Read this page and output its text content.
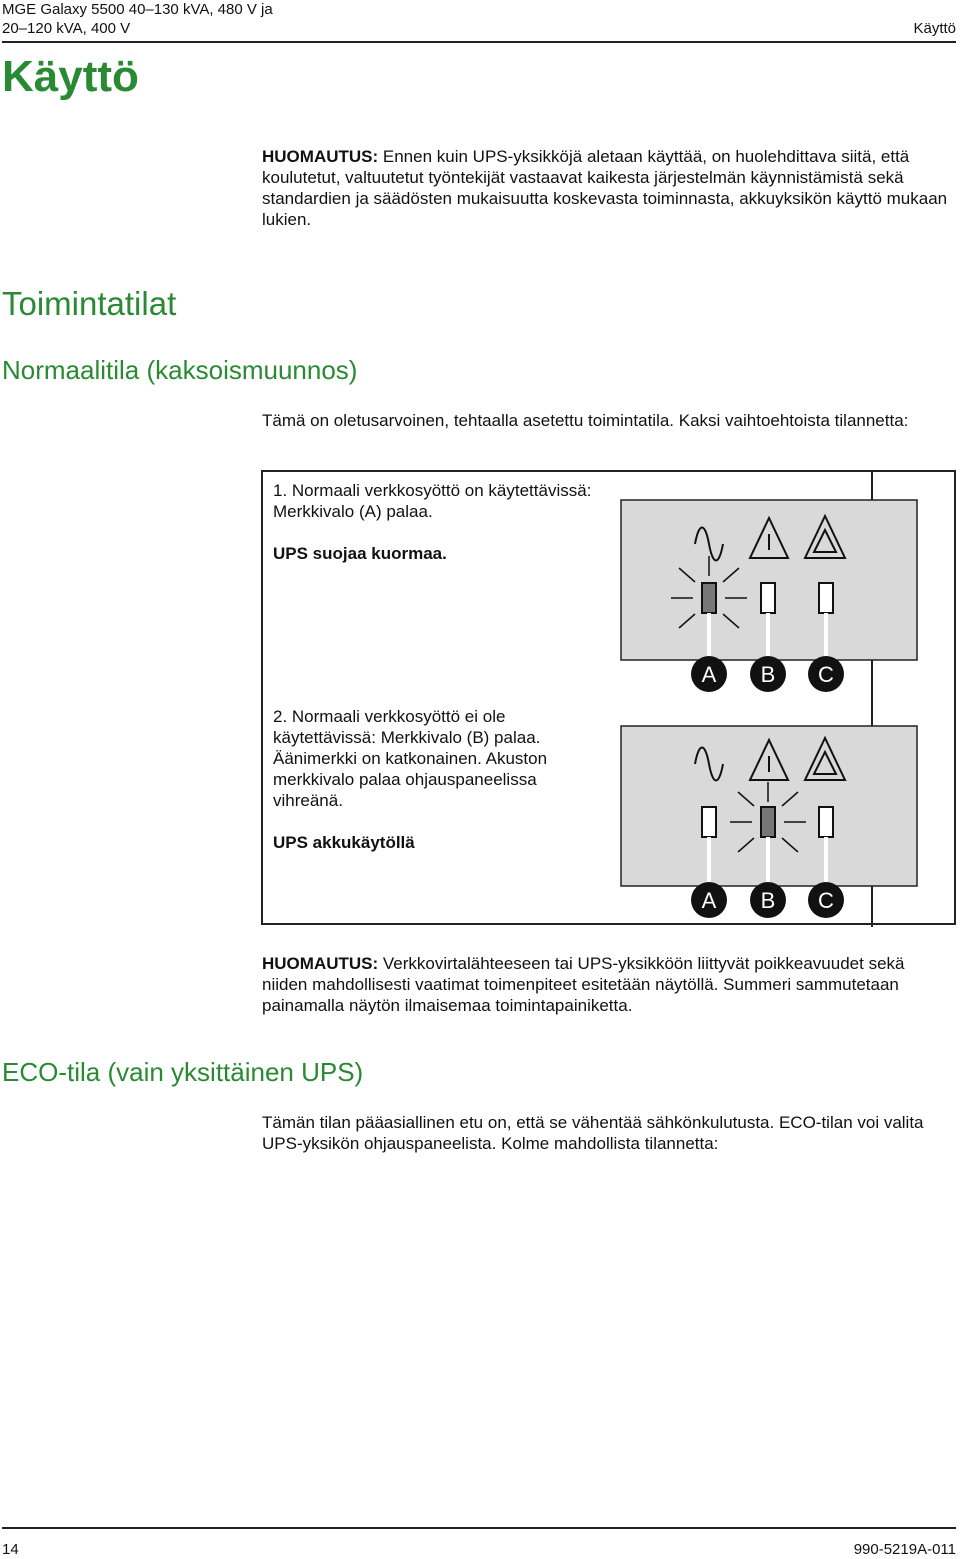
MGE Galaxy 5500 40–130 kVA, 480 V ja
20–120 kVA, 400 V	Käyttö
Käyttö
HUOMAUTUS: Ennen kuin UPS-yksikköjä aletaan käyttää, on huolehdittava siitä, että koulutetut, valtuutetut työntekijät vastaavat kaikesta järjestelmän käynnistämistä sekä standardien ja säädösten mukaisuutta koskevasta toiminnasta, akkuyksikön käyttö mukaan lukien.
Toimintatilat
Normaalitila (kaksoismuunnos)
Tämä on oletusarvoinen, tehtaalla asetettu toimintatila. Kaksi vaihtoehtoista tilannetta:
1. Normaali verkkosyöttö on käytettävissä: Merkkivalo (A) palaa.
UPS suojaa kuormaa.
2. Normaali verkkosyöttö ei ole käytettävissä: Merkkivalo (B) palaa. Äänimerkki on katkonainen. Akuston merkkivalo palaa ohjauspaneelissa vihreänä.
UPS akkukäytöllä
A B C
A B C
HUOMAUTUS: Verkkovirtalähteeseen tai UPS-yksikköön liittyvät poikkeavuudet sekä niiden mahdollisesti vaatimat toimenpiteet esitetään näytöllä. Summeri sammutetaan painamalla näytön ilmaisemaa toimintapainiketta.
ECO-tila (vain yksittäinen UPS)
Tämän tilan pääasiallinen etu on, että se vähentää sähkönkulutusta. ECO-tilan voi valita UPS-yksikön ohjauspaneelista. Kolme mahdollista tilannetta:
14	990-5219A-011
